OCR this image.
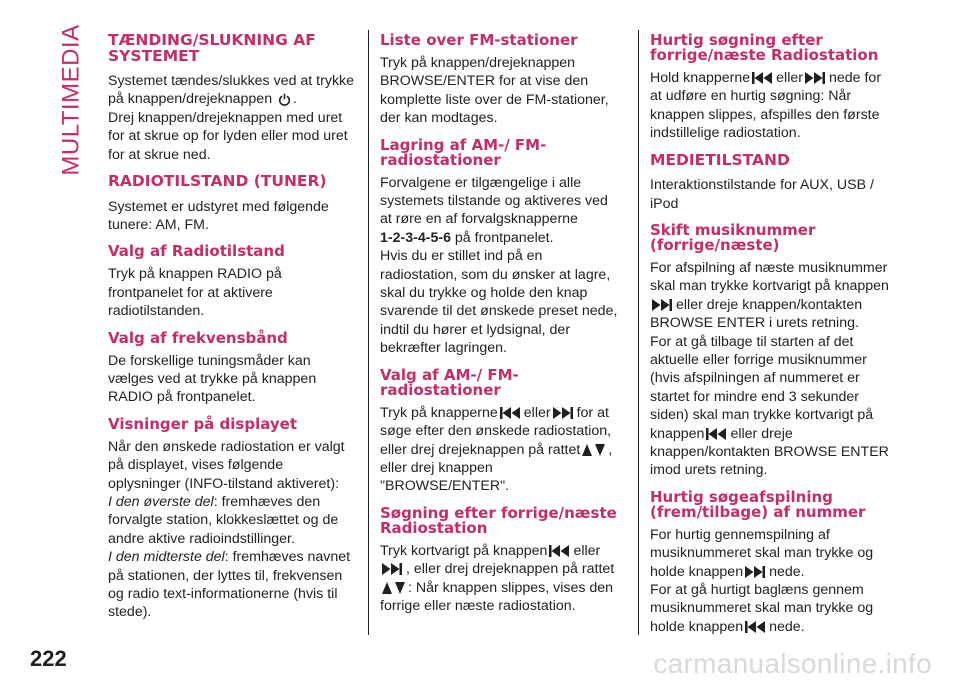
MULTIMEDIA TÆNDING/SLUKNING AF SYSTEMET

Systemet tændes/slukkes ved at trykke på knappen/drejeknappen .

Drej knappen/drejeknappen med uret for at skrue op for lyden eller mod uret for at skrue ned.

RADIOTILSTAND (TUNER)

Systemet er udstyret med følgende tunere: AM, FM.

Valg af Radiotilstand

Tryk på knappen RADIO på frontpanelet for at aktivere radiotilstanden.

Valg af frekvensbånd

De forskellige tuningsmåder kan vælges ved at trykke på knappen RADIO på frontpanelet.

Visninger på displayet

Når den ønskede radiostation er valgt på displayet, vises følgende oplysninger (INFO-tilstand aktiveret):

I den øverste del: fremhæves den forvalgte station, klokkeslættet og de andre aktive radioindstillinger.

I den midterste del: fremhæves navnet på stationen, der lyttes til, frekvensen og radio text-informationerne (hvis til stede).

Liste over FM-stationer

Tryk på knappen/drejeknappen BROWSE/ENTER for at vise den komplette liste over de FM-stationer, der kan modtages.

Lagring af AM-/ FM-radiostationer

Forvalgene er tilgængelige i alle systemets tilstande og aktiveres ved at røre en af forvalgsknapperne
1-2-3-4-5-6 på frontpanelet.

Hvis du er stillet ind på en radiostation, som du ønsker at lagre, skal du trykke og holde den knap svarende til det ønskede preset nede, indtil du hører et lydsignal, der bekræfter lagringen.

Valg af AM-/ FM-radiostationer

Tryk på knapperne eller for at søge efter den ønskede radiostation, eller drej drejeknappen på rattet , eller drej knappen "BROWSE/ENTER".

Søgning efter forrige/næste Radiostation

Tryk kortvarigt på knappen eller

, eller drej drejeknappen på rattet

: Når knappen slippes, vises den forrige eller næste radiostation.

Hurtig søgning efter forrige/næste Radiostation

Hold knapperne eller nede for at udføre en hurtig søgning: Når knappen slippes, afspilles den første indstillelige radiostation.

MEDIETILSTAND

Interaktionstilstande for AUX, USB / iPod

Skift musiknummer (forrige/næste)

For afspilning af næste musiknummer skal man trykke kortvarigt på knappen

eller dreje knappen/kontakten BROWSE ENTER i urets retning.

For at gå tilbage til starten af det aktuelle eller forrige musiknummer (hvis afspilningen af nummeret er startet for mindre end 3 sekunder siden) skal man trykke kortvarigt på knappen eller dreje knappen/kontakten BROWSE ENTER imod urets retning.

Hurtig søgeafspilning (frem/tilbage) af nummer

For hurtig gennemspilning af musiknummeret skal man trykke og holde knappen nede.

For at gå hurtigt baglæns gennem musiknummeret skal man trykke og holde knappen nede.

222	carmanualsonline.info
